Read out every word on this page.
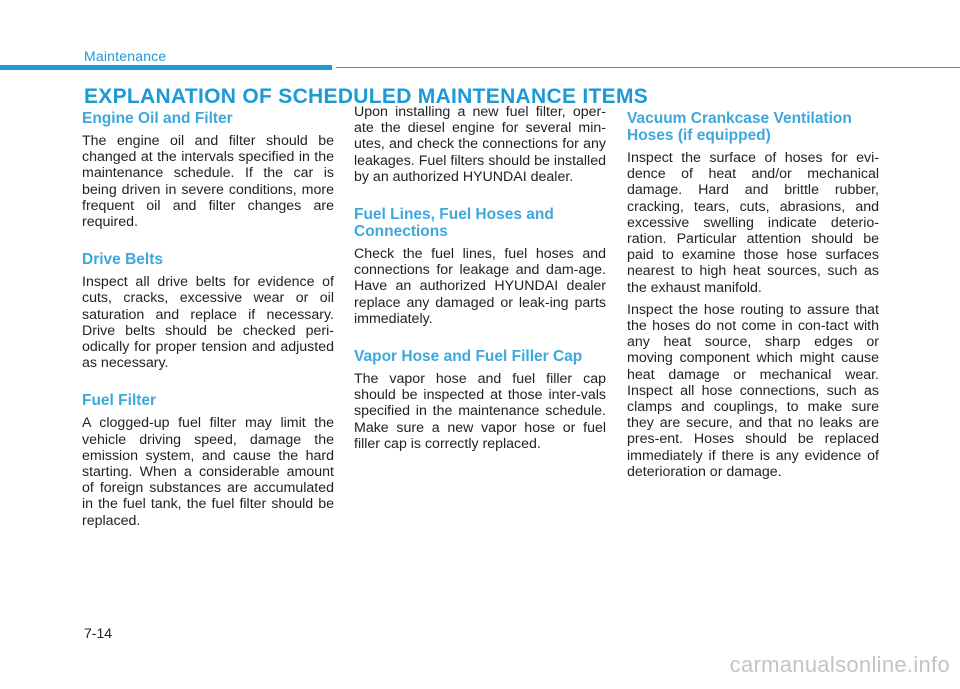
Maintenance
EXPLANATION OF SCHEDULED MAINTENANCE ITEMS
Engine Oil and Filter

The engine oil and filter should be changed at the intervals specified in the maintenance schedule. If the car is being driven in severe conditions, more frequent oil and filter changes are required.

Drive Belts

Inspect all drive belts for evidence of cuts, cracks, excessive wear or oil saturation and replace if necessary. Drive belts should be checked peri-odically for proper tension and adjusted as necessary.

Fuel Filter

A clogged-up fuel filter may limit the vehicle driving speed, damage the emission system, and cause the hard starting. When a considerable amount of foreign substances are accumulated in the fuel tank, the fuel filter should be replaced.

Upon installing a new fuel filter, oper-ate the diesel engine for several min-utes, and check the connections for any leakages. Fuel filters should be installed by an authorized HYUNDAI dealer.

Fuel Lines, Fuel Hoses and Connections

Check the fuel lines, fuel hoses and connections for leakage and dam-age. Have an authorized HYUNDAI dealer replace any damaged or leak-ing parts immediately.

Vapor Hose and Fuel Filler Cap

The vapor hose and fuel filler cap should be inspected at those inter-vals specified in the maintenance schedule. Make sure a new vapor hose or fuel filler cap is correctly replaced.

Vacuum Crankcase Ventilation Hoses (if equipped)

Inspect the surface of hoses for evi-dence of heat and/or mechanical damage. Hard and brittle rubber, cracking, tears, cuts, abrasions, and excessive swelling indicate deterio-ration. Particular attention should be paid to examine those hose surfaces nearest to high heat sources, such as the exhaust manifold.

Inspect the hose routing to assure that the hoses do not come in con-tact with any heat source, sharp edges or moving component which might cause heat damage or mechanical wear. Inspect all hose connections, such as clamps and couplings, to make sure they are secure, and that no leaks are pres-ent. Hoses should be replaced immediately if there is any evidence of deterioration or damage.

7-14
carmanualsonline.info
